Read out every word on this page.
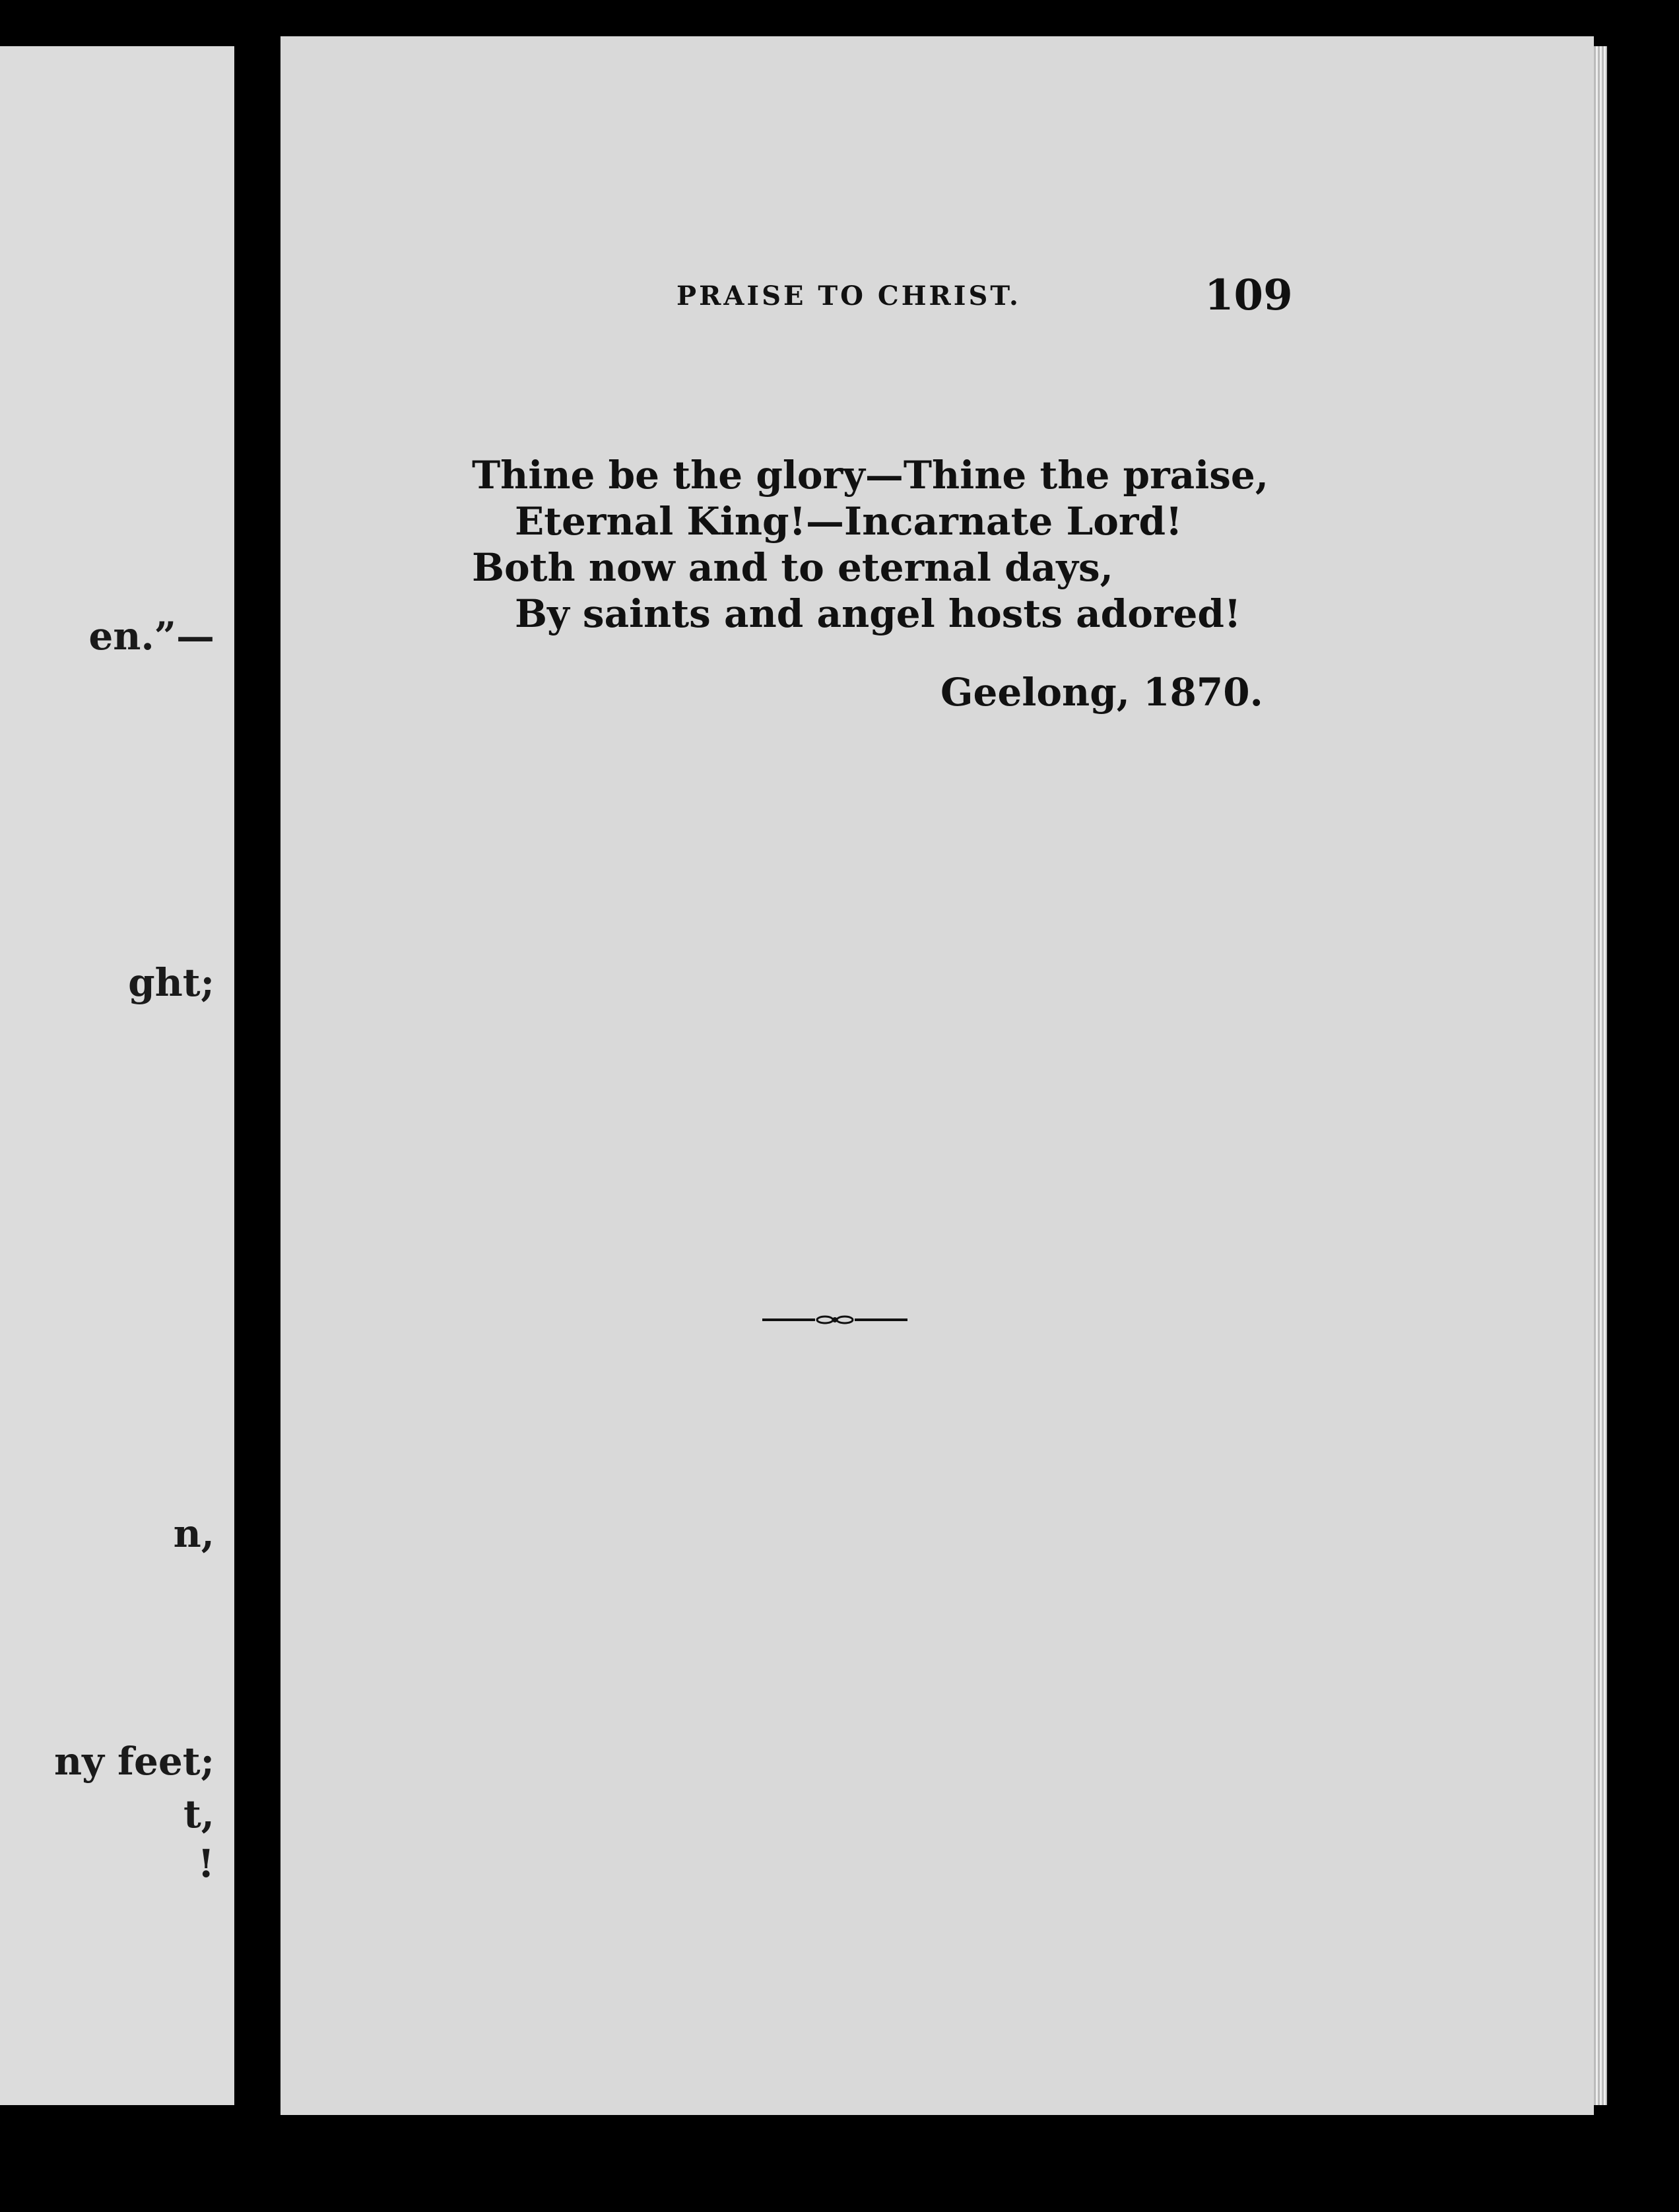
en.”—
ght;
n,
ny feet;
t,
!
PRAISE TO CHRIST.	109
Thine be the glory—Thine the praise,
Eternal King!—Incarnate Lord!
Both now and to eternal days,
By saints and angel hosts adored!
Geelong, 1870.
